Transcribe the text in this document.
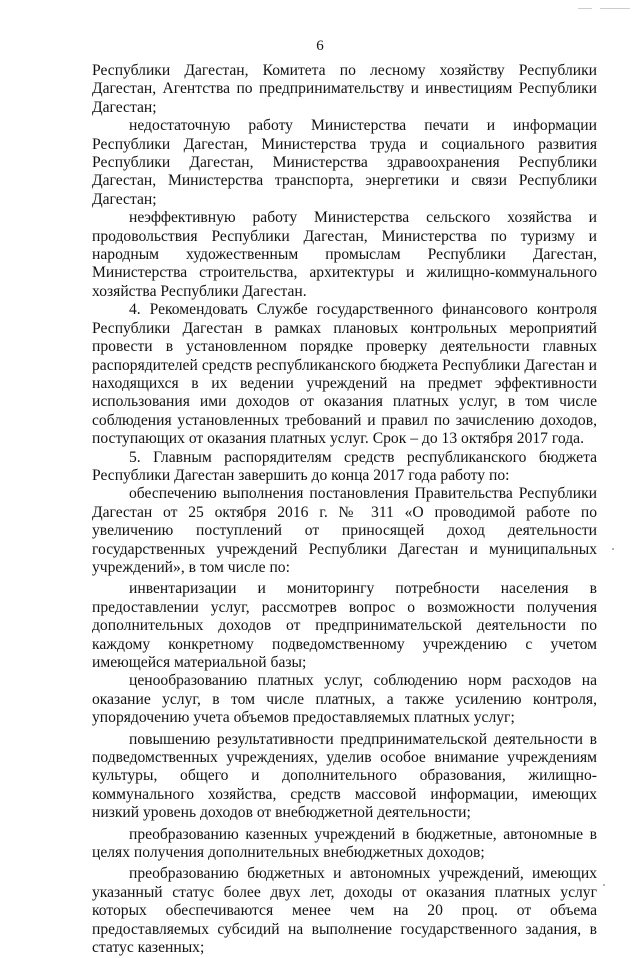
6

Республики Дагестан, Комитета по лесному хозяйству Республики Дагестан, Агентства по предпринимательству и инвестициям Республики Дагестан;

недостаточную работу Министерства печати и информации Республики Дагестан, Министерства труда и социального развития Республики Дагестан, Министерства здравоохранения Республики Дагестан, Министерства транспорта, энергетики и связи Республики Дагестан;

неэффективную работу Министерства сельского хозяйства и продовольствия Республики Дагестан, Министерства по туризму и народным художественным промыслам Республики Дагестан, Министерства строительства, архитектуры и жилищно-коммунального хозяйства Республики Дагестан.

4. Рекомендовать Службе государственного финансового контроля Республики Дагестан в рамках плановых контрольных мероприятий провести в установленном порядке проверку деятельности главных распорядителей средств республиканского бюджета Республики Дагестан и находящихся в их ведении учреждений на предмет эффективности использования ими доходов от оказания платных услуг, в том числе соблюдения установленных требований и правил по зачислению доходов, поступающих от оказания платных услуг. Срок – до 13 октября 2017 года.

5. Главным распорядителям средств республиканского бюджета Республики Дагестан завершить до конца 2017 года работу по:

обеспечению выполнения постановления Правительства Республики Дагестан от 25 октября 2016 г. № 311 «О проводимой работе по увеличению поступлений от приносящей доход деятельности государственных учреждений Республики Дагестан и муниципальных учреждений», в том числе по:

инвентаризации и мониторингу потребности населения в предоставлении услуг, рассмотрев вопрос о возможности получения дополнительных доходов от предпринимательской деятельности по каждому конкретному подведомственному учреждению с учетом имеющейся материальной базы;

ценообразованию платных услуг, соблюдению норм расходов на оказание услуг, в том числе платных, а также усилению контроля, упорядочению учета объемов предоставляемых платных услуг;

повышению результативности предпринимательской деятельности в подведомственных учреждениях, уделив особое внимание учреждениям культуры, общего и дополнительного образования, жилищно-коммунального хозяйства, средств массовой информации, имеющих низкий уровень доходов от внебюджетной деятельности;

преобразованию казенных учреждений в бюджетные, автономные в целях получения дополнительных внебюджетных доходов;

преобразованию бюджетных и автономных учреждений, имеющих указанный статус более двух лет, доходы от оказания платных услуг которых обеспечиваются менее чем на 20 проц. от объема предоставляемых субсидий на выполнение государственного задания, в статус казенных;
